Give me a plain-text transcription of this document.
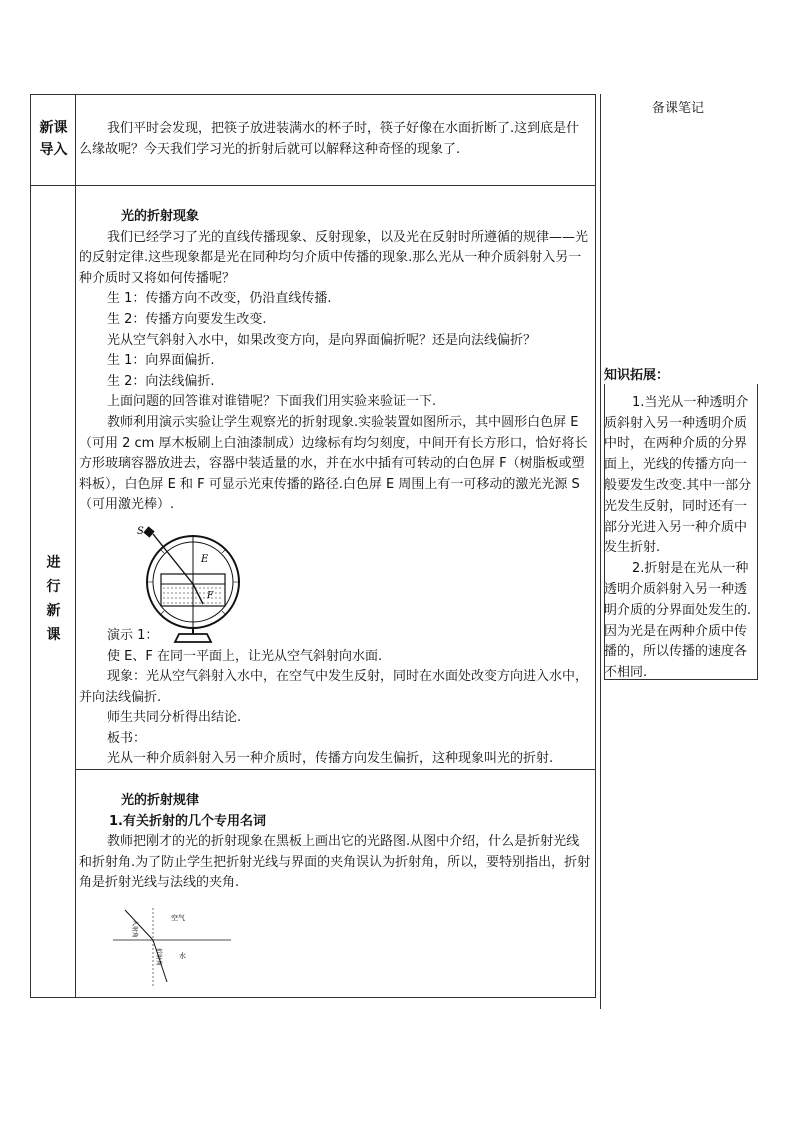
备课笔记

知识拓展：

1.当光从一种透明介质斜射入另一种透明介质中时，在两种介质的分界面上，光线的传播方向一般要发生改变.其中一部分光发生反射，同时还有一部分光进入另一种介质中发生折射.

2.折射是在光从一种透明介质斜射入另一种透明介质的分界面处发生的.因为光是在两种介质中传播的，所以传播的速度各不相同.

新课导入

我们平时会发现，把筷子放进装满水的杯子时，筷子好像在水面折断了.这到底是什么缘故呢？今天我们学习光的折射后就可以解释这种奇怪的现象了.

进行新课

光的折射现象

我们已经学习了光的直线传播现象、反射现象，以及光在反射时所遵循的规律——光的反射定律.这些现象都是光在同种均匀介质中传播的现象.那么光从一种介质斜射入另一种介质时又将如何传播呢？

生 1：传播方向不改变，仍沿直线传播.

生 2：传播方向要发生改变.

光从空气斜射入水中，如果改变方向，是向界面偏折呢？还是向法线偏折？

生 1：向界面偏折.

生 2：向法线偏折.

上面问题的回答谁对谁错呢？下面我们用实验来验证一下.

教师利用演示实验让学生观察光的折射现象.实验装置如图所示，其中圆形白色屏 E（可用 2 cm 厚木板刷上白油漆制成）边缘标有均匀刻度，中间开有长方形口，恰好将长方形玻璃容器放进去，容器中装适量的水，并在水中插有可转动的白色屏 F（树脂板或塑料板），白色屏 E 和 F 可显示光束传播的路径.白色屏 E 周围上有一可移动的激光光源 S（可用激光棒）.

S
E
F

演示 1：

使 E、F 在同一平面上，让光从空气斜射向水面.

现象：光从空气斜射入水中，在空气中发生反射，同时在水面处改变方向进入水中，并向法线偏折.

师生共同分析得出结论.

板书：

光从一种介质斜射入另一种介质时，传播方向发生偏折，这种现象叫光的折射.

光的折射规律

1.有关折射的几个专用名词

教师把刚才的光的折射现象在黑板上画出它的光路图.从图中介绍，什么是折射光线和折射角.为了防止学生把折射光线与界面的夹角误认为折射角，所以，要特别指出，折射角是折射光线与法线的夹角.

入射角
空气
水
折射角
